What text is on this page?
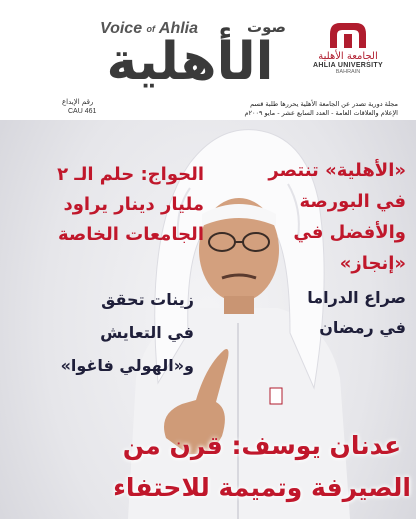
الجامعة الأهلية
AHLIA UNIVERSITY
BAHRAIN
Voice of Ahlia	صوت
الأهلية
رقم الإيداع
CAU 461
مجلة دورية تصدر عن الجامعة الأهلية يحررها طلبة قسم
الإعلام والعلاقات العامة - العدد السابع عشر - مايو ٢٠٠٩م
«الأهلية» تنتصر
في البورصة
والأفضل في
«إنجاز»
الحواج: حلم الـ ٢
مليار دينار يراود
الجامعات الخاصة
صراع الدراما
في رمضان
زينات تحقق
في التعايش
و«الهولي فاغوا»
عدنان يوسف: قرن من
الصيرفة وتميمة للاحتفاء
